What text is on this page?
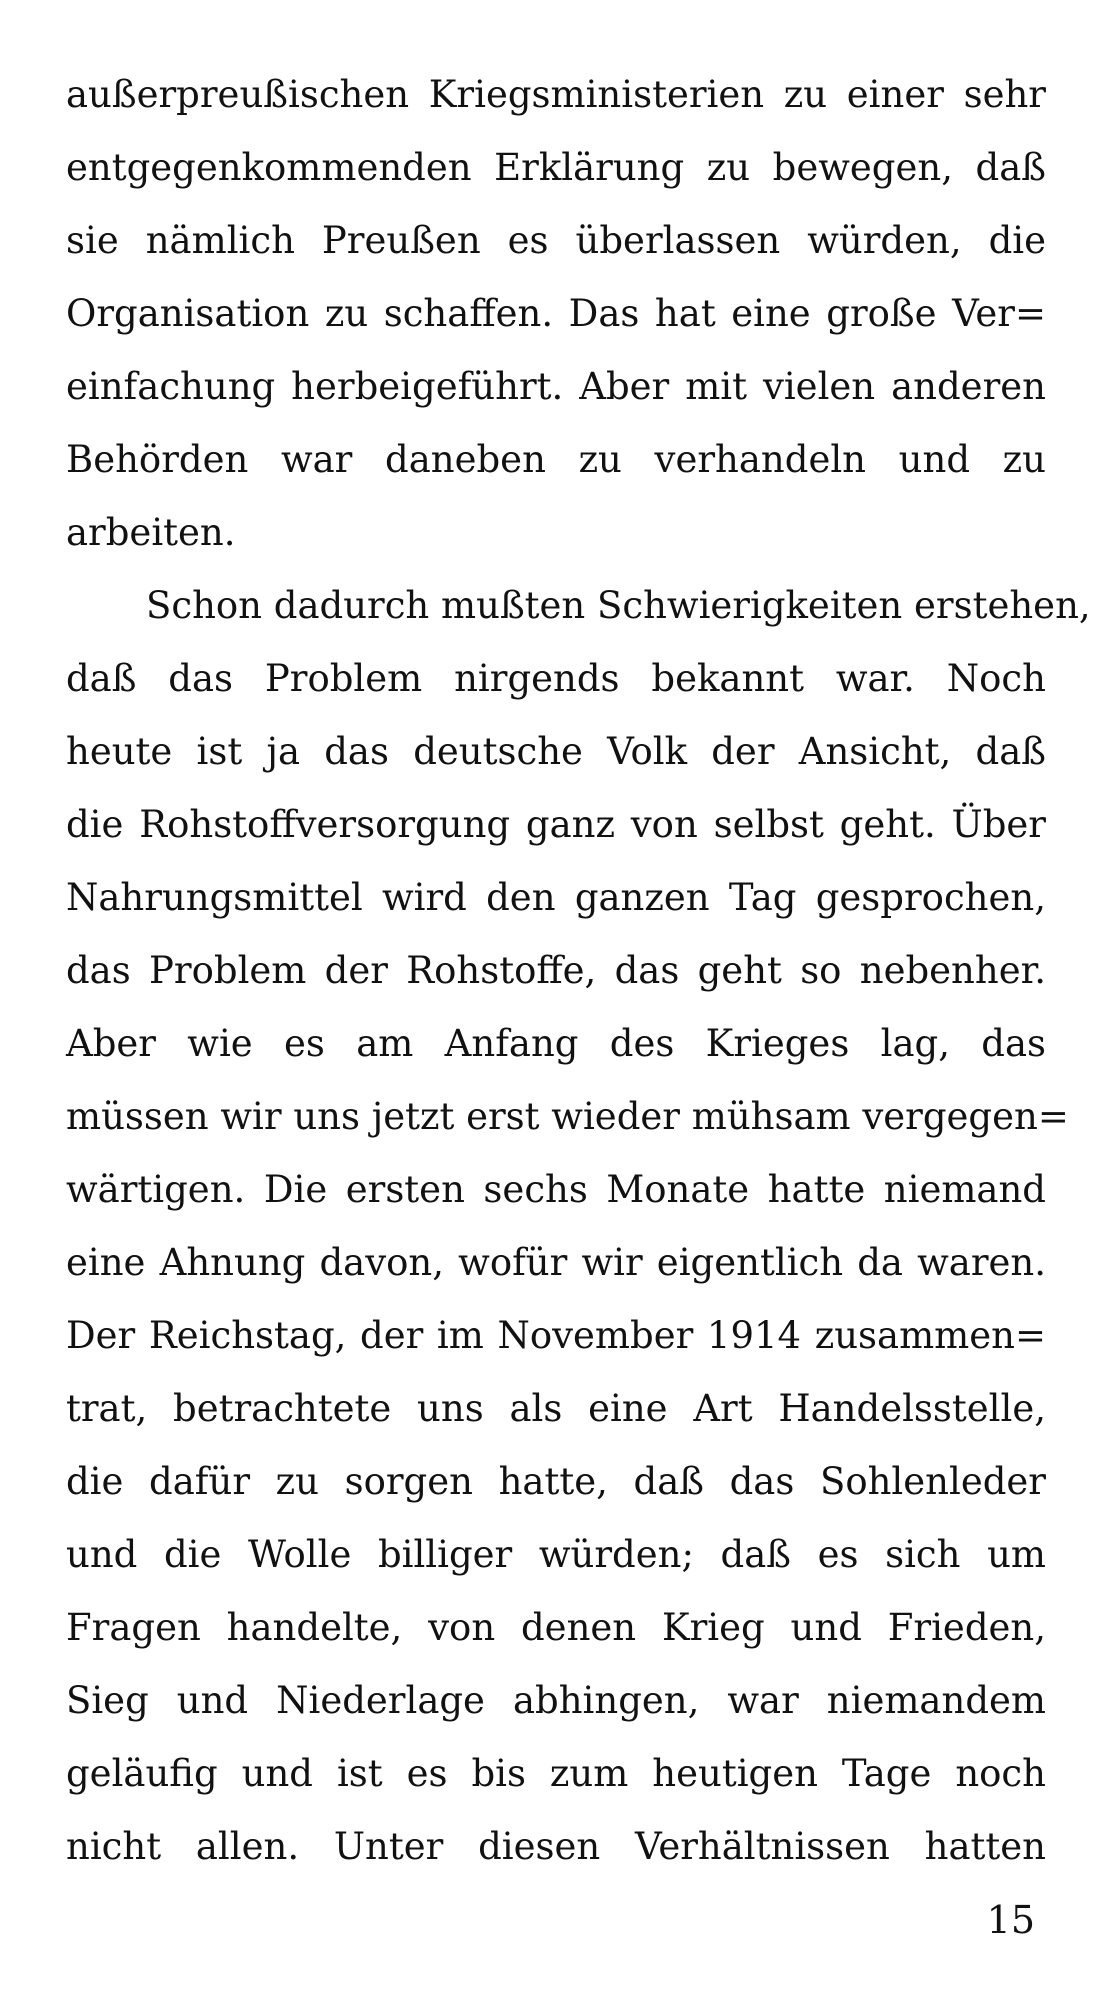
außerpreußischen Kriegsministerien zu einer sehr
entgegenkommenden Erklärung zu bewegen, daß
sie nämlich Preußen es überlassen würden, die
Organisation zu schaffen. Das hat eine große Ver=
einfachung herbeigeführt. Aber mit vielen anderen
Behörden war daneben zu verhandeln und zu
arbeiten.
Schon dadurch mußten Schwierigkeiten erstehen,
daß das Problem nirgends bekannt war. Noch
heute ist ja das deutsche Volk der Ansicht, daß
die Rohstoffversorgung ganz von selbst geht. Über
Nahrungsmittel wird den ganzen Tag gesprochen,
das Problem der Rohstoffe, das geht so nebenher.
Aber wie es am Anfang des Krieges lag, das
müssen wir uns jetzt erst wieder mühsam vergegen=
wärtigen. Die ersten sechs Monate hatte niemand
eine Ahnung davon, wofür wir eigentlich da waren.
Der Reichstag, der im November 1914 zusammen=
trat, betrachtete uns als eine Art Handelsstelle,
die dafür zu sorgen hatte, daß das Sohlenleder
und die Wolle billiger würden; daß es sich um
Fragen handelte, von denen Krieg und Frieden,
Sieg und Niederlage abhingen, war niemandem
geläufig und ist es bis zum heutigen Tage noch
nicht allen. Unter diesen Verhältnissen hatten
15
